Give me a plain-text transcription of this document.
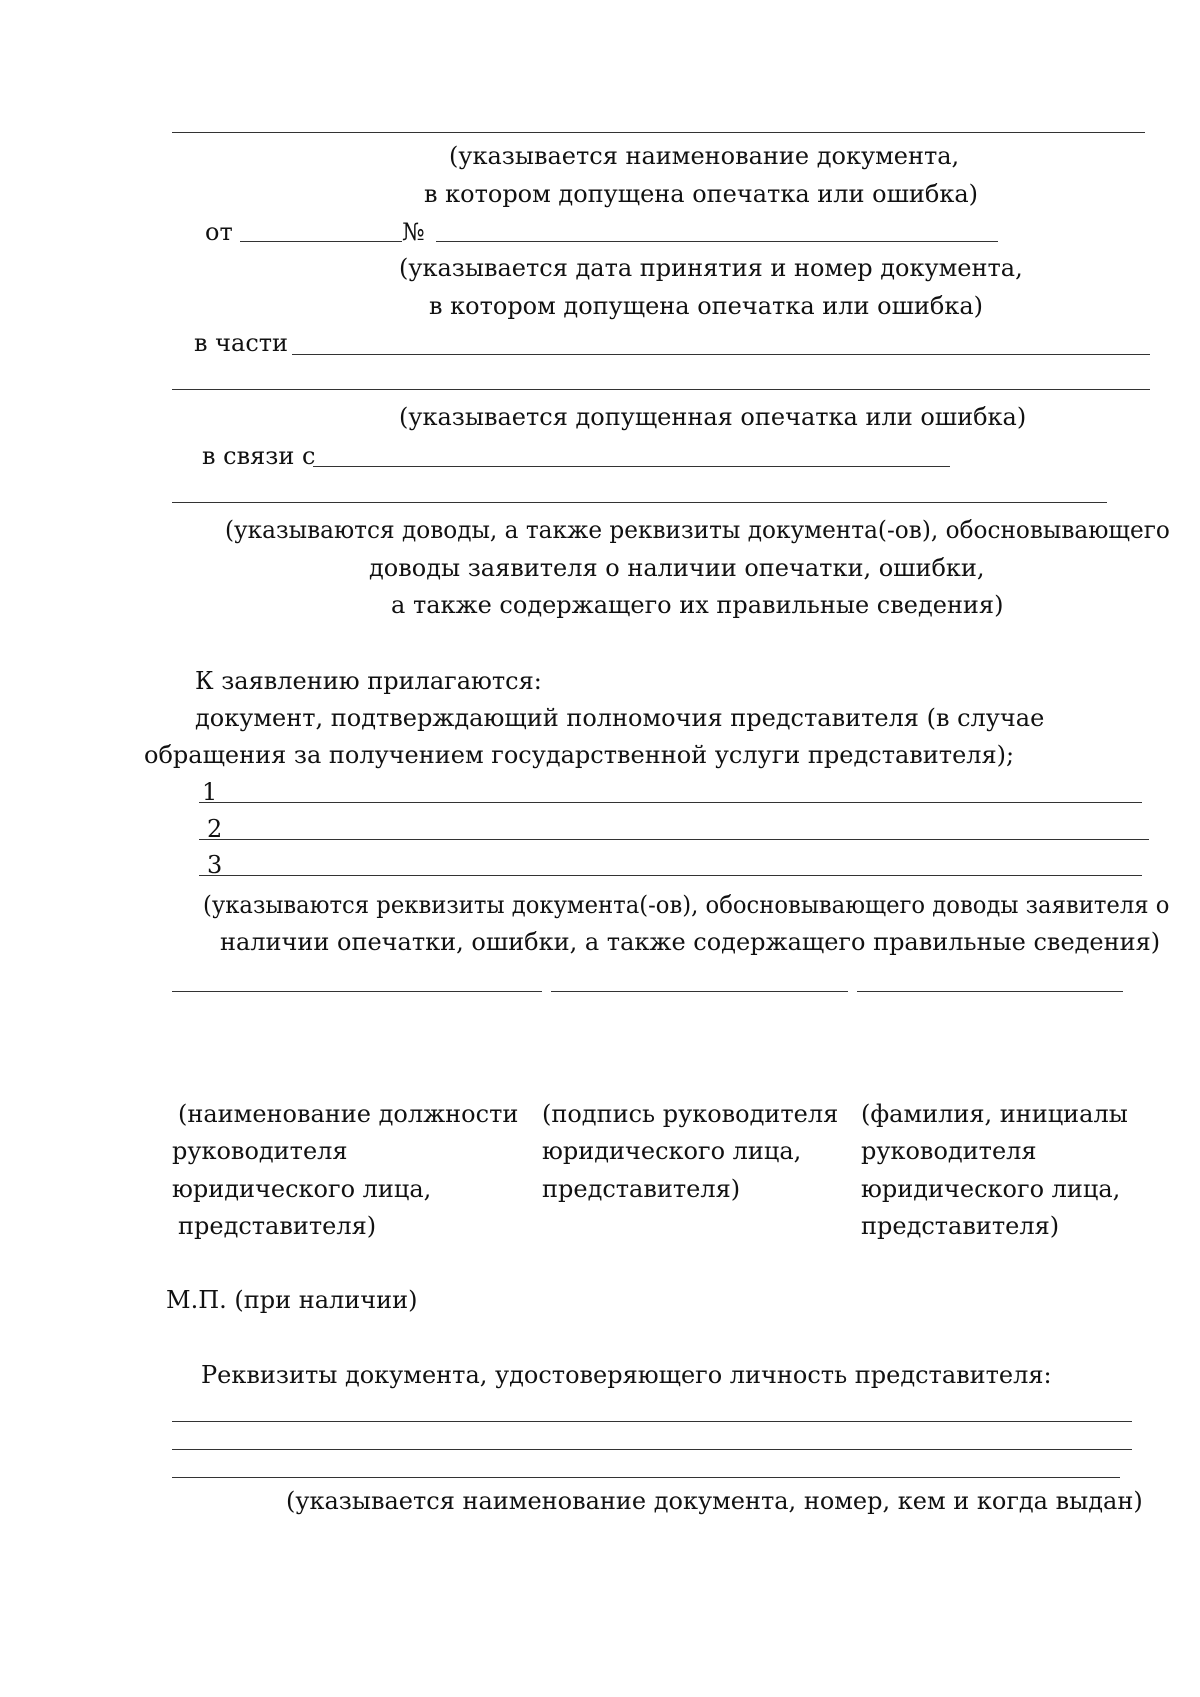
(указывается наименование документа,
в котором допущена опечатка или ошибка)
от	№
(указывается дата принятия и номер документа,
в котором допущена опечатка или ошибка)
в части
(указывается допущенная опечатка или ошибка)
в связи с
(указываются доводы, а также реквизиты документа(-ов), обосновывающего
доводы заявителя о наличии опечатки, ошибки,
а также содержащего их правильные сведения)
К заявлению прилагаются:
документ, подтверждающий полномочия представителя (в случае
обращения за получением государственной услуги представителя);
1
2
3
(указываются реквизиты документа(-ов), обосновывающего доводы заявителя о
наличии опечатки, ошибки, а также содержащего правильные сведения)
(наименование должности
руководителя
юридического лица,
представителя)
(подпись руководителя
юридического лица,
представителя)
(фамилия, инициалы
руководителя
юридического лица,
представителя)
М.П. (при наличии)
Реквизиты документа, удостоверяющего личность представителя:
(указывается наименование документа, номер, кем и когда выдан)
